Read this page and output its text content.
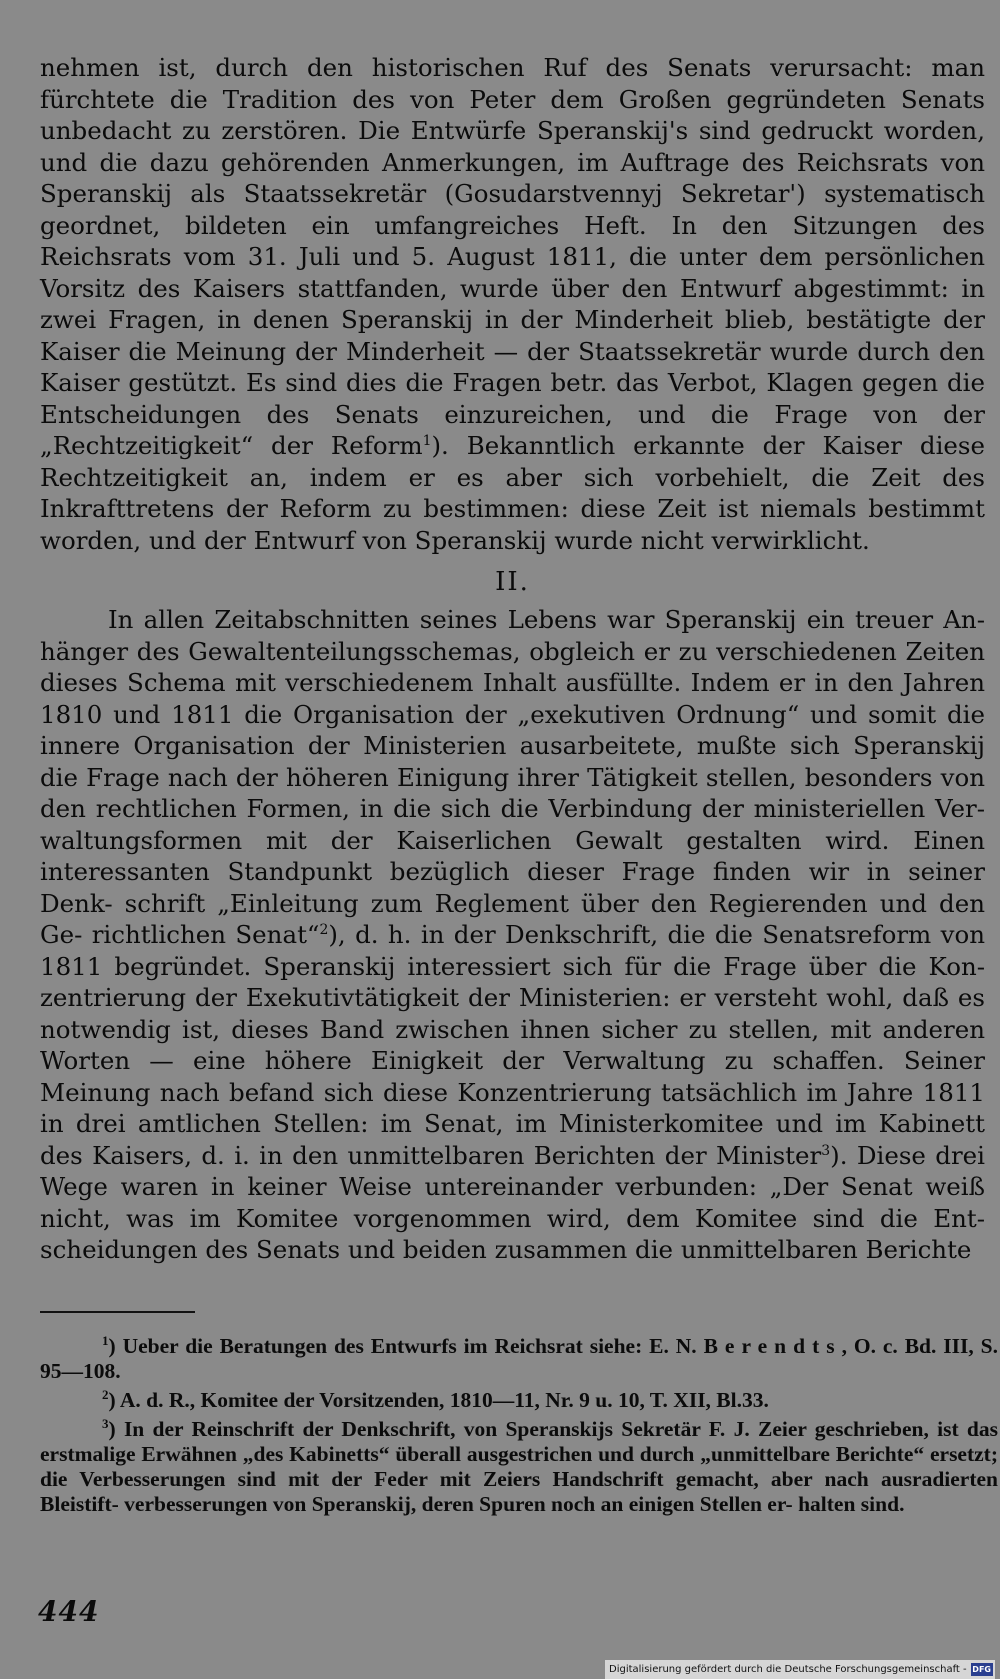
nehmen ist, durch den historischen Ruf des Senats verursacht: man fürchtete die Tradition des von Peter dem Großen gegründeten Senats unbedacht zu zerstören. Die Entwürfe Speranskij's sind gedruckt worden, und die dazu gehörenden Anmerkungen, im Auftrage des Reichsrats von Speranskij als Staatssekretär (Gosudarstvennyj Sekretar') systematisch geordnet, bildeten ein umfangreiches Heft. In den Sitzungen des Reichsrats vom 31. Juli und 5. August 1811, die unter dem persönlichen Vorsitz des Kaisers stattfanden, wurde über den Entwurf abgestimmt: in zwei Fragen, in denen Speranskij in der Minderheit blieb, bestätigte der Kaiser die Meinung der Minderheit — der Staatssekretär wurde durch den Kaiser gestützt. Es sind dies die Fragen betr. das Verbot, Klagen gegen die Entscheidungen des Senats einzureichen, und die Frage von der „Rechtzeitigkeit“ der Reform$^1$). Bekanntlich erkannte der Kaiser diese Rechtzeitigkeit an, indem er es aber sich vorbehielt, die Zeit des Inkrafttretens der Reform zu bestimmen: diese Zeit ist niemals bestimmt worden, und der Entwurf von Speranskij wurde nicht verwirklicht.

II.

In allen Zeitabschnitten seines Lebens war Speranskij ein treuer An- hänger des Gewaltenteilungsschemas, obgleich er zu verschiedenen Zeiten dieses Schema mit verschiedenem Inhalt ausfüllte. Indem er in den Jahren 1810 und 1811 die Organisation der „exekutiven Ordnung“ und somit die innere Organisation der Ministerien ausarbeitete, mußte sich Speranskij die Frage nach der höheren Einigung ihrer Tätigkeit stellen, besonders von den rechtlichen Formen, in die sich die Verbindung der ministeriellen Ver- waltungsformen mit der Kaiserlichen Gewalt gestalten wird. Einen interessanten Standpunkt bezüglich dieser Frage finden wir in seiner Denk- schrift „Einleitung zum Reglement über den Regierenden und den Ge- richtlichen Senat“$^2$), d. h. in der Denkschrift, die die Senatsreform von 1811 begründet. Speranskij interessiert sich für die Frage über die Kon- zentrierung der Exekutivtätigkeit der Ministerien: er versteht wohl, daß es notwendig ist, dieses Band zwischen ihnen sicher zu stellen, mit anderen Worten — eine höhere Einigkeit der Verwaltung zu schaffen. Seiner Meinung nach befand sich diese Konzentrierung tatsächlich im Jahre 1811 in drei amtlichen Stellen: im Senat, im Ministerkomitee und im Kabinett des Kaisers, d. i. in den unmittelbaren Berichten der Minister$^3$). Diese drei Wege waren in keiner Weise untereinander verbunden: „Der Senat weiß nicht, was im Komitee vorgenommen wird, dem Komitee sind die Ent- scheidungen des Senats und beiden zusammen die unmittelbaren Berichte

$^1$) Ueber die Beratungen des Entwurfs im Reichsrat siehe: E. N. Berendts, O. c. Bd. III, S. 95—108.

$^2$) A. d. R., Komitee der Vorsitzenden, 1810—11, Nr. 9 u. 10, T. XII, Bl.33.

$^3$) In der Reinschrift der Denkschrift, von Speranskijs Sekretär F. J. Zeier geschrieben, ist das erstmalige Erwähnen „des Kabinetts“ überall ausgestrichen und durch „unmittelbare Berichte“ ersetzt; die Verbesserungen sind mit der Feder mit Zeiers Handschrift gemacht, aber nach ausradierten Bleistift- verbesserungen von Speranskij, deren Spuren noch an einigen Stellen er- halten sind.

444
Digitalisierung gefördert durch die Deutsche Forschungsgemeinschaft - DFG
